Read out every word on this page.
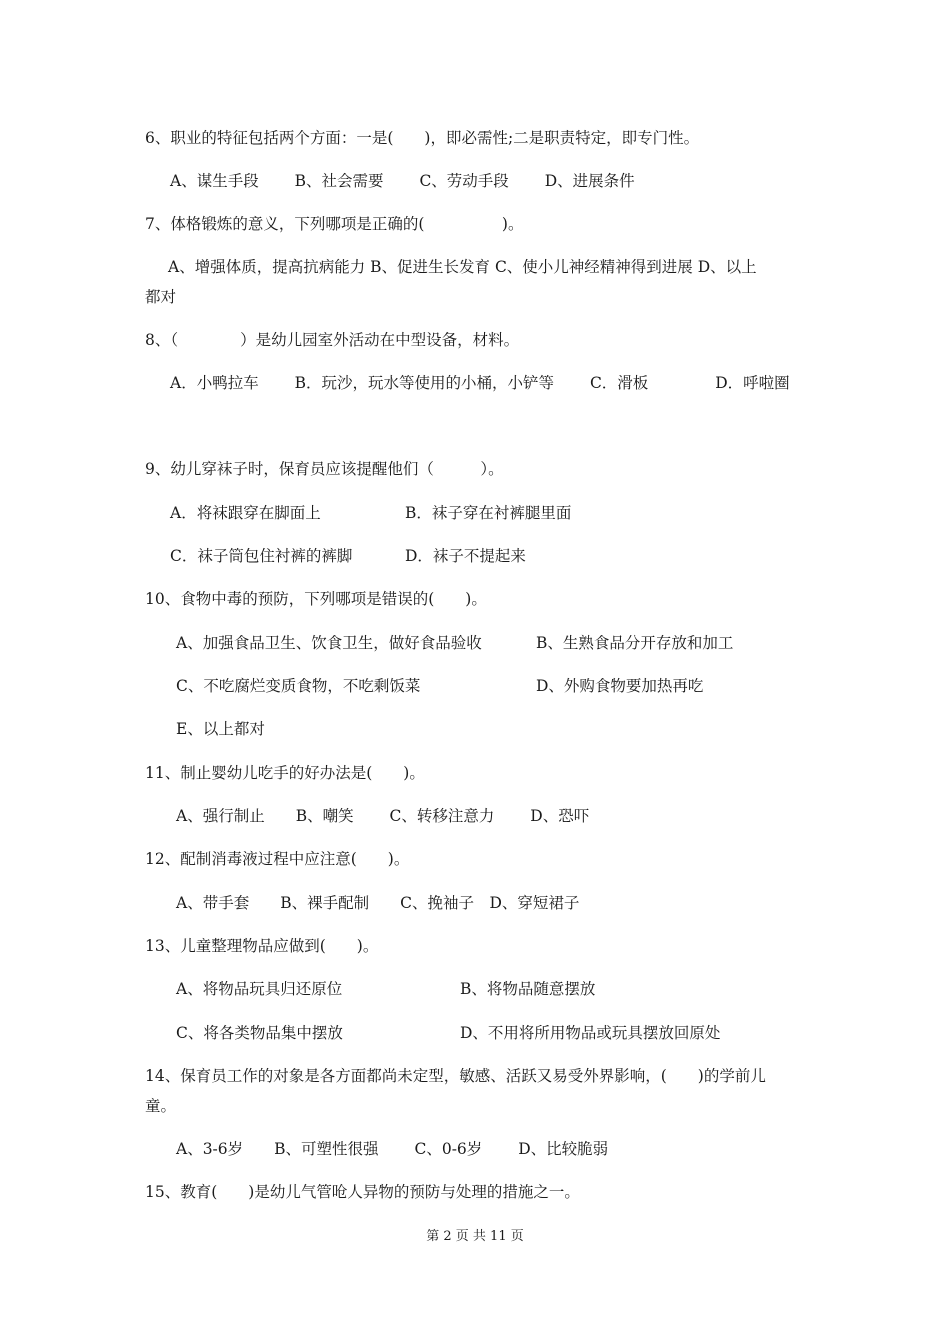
6、职业的特征包括两个方面：一是(　　)，即必需性;二是职责特定，即专门性。
A、谋生手段　　 B、社会需要　　 C、劳动手段　　 D、进展条件
7、体格锻炼的意义，下列哪项是正确的(　　　　　)。
A、增强体质，提高抗病能力 B、促进生长发育 C、使小儿神经精神得到进展 D、以上
都对
8、（　　　　）是幼儿园室外活动在中型设备，材料。
A．小鸭拉车　　 B．玩沙，玩水等使用的小桶，小铲等　　 C．滑板　　　　 D．呼啦圈
9、幼儿穿袜子时，保育员应该提醒他们（　　　）。
A．将袜跟穿在脚面上	B．袜子穿在衬裤腿里面
C．袜子筒包住衬裤的裤脚	D．袜子不提起来
10、食物中毒的预防，下列哪项是错误的(　　)。
A、加强食品卫生、饮食卫生，做好食品验收	B、生熟食品分开存放和加工
C、不吃腐烂变质食物，不吃剩饭菜	D、外购食物要加热再吃
E、以上都对
11、制止婴幼儿吃手的好办法是(　　)。
A、强行制止　　B、嘲笑　　 C、转移注意力　　 D、恐吓
12、配制消毒液过程中应注意(　　)。
A、带手套　　B、裸手配制　　C、挽袖子　D、穿短裙子
13、儿童整理物品应做到(　　)。
A、将物品玩具归还原位	B、将物品随意摆放
C、将各类物品集中摆放	D、不用将所用物品或玩具摆放回原处
14、保育员工作的对象是各方面都尚未定型，敏感、活跃又易受外界影响，(　　)的学前儿
童。
A、3-6岁　　B、可塑性很强　　 C、0-6岁　　 D、比较脆弱
15、教育(　　)是幼儿气管呛人异物的预防与处理的措施之一。
第 2 页 共 11 页
